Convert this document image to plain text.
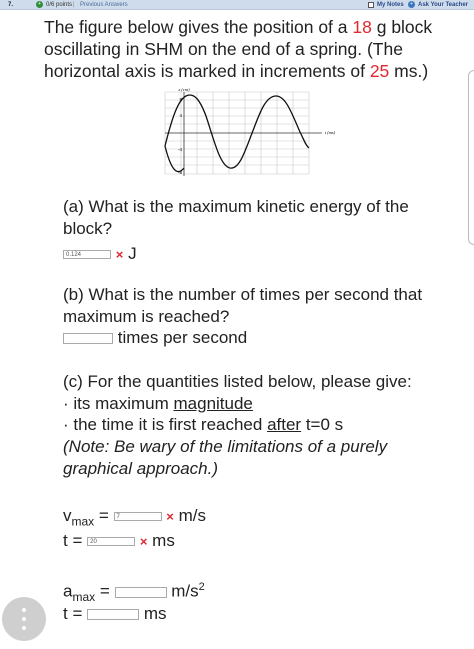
7.	+ 0/6 points | Previous Answers	My Notes	+ Ask Your Teacher
The figure below gives the position of a 18 g block oscillating in SHM on the end of a spring. (The horizontal axis is marked in increments of 25 ms.)
x (cm)
t (ms)
8
4
-4
-8
(a) What is the maximum kinetic energy of the block?
0.124	× J
(b) What is the number of times per second that maximum is reached?
times per second
(c) For the quantities listed below, please give:
· its maximum magnitude
· the time it is first reached after t=0 s
(Note: Be wary of the limitations of a purely graphical approach.)
$v_{max} = 7$	× m/s
t = 20	× ms
$a_{max}$ =	$m/s^2$
t =	ms
